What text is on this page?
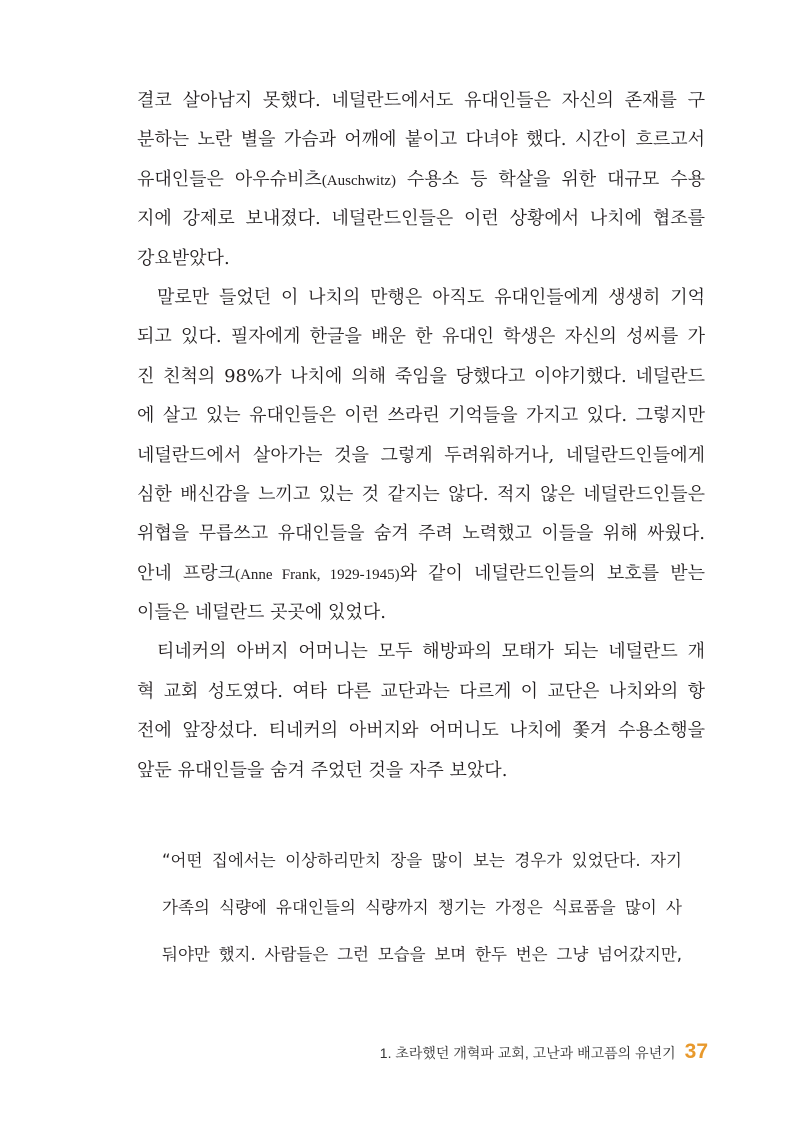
결코 살아남지 못했다. 네덜란드에서도 유대인들은 자신의 존재를 구
분하는 노란 별을 가슴과 어깨에 붙이고 다녀야 했다. 시간이 흐르고서
유대인들은 아우슈비츠(Auschwitz) 수용소 등 학살을 위한 대규모 수용
지에 강제로 보내졌다. 네덜란드인들은 이런 상황에서 나치에 협조를
강요받았다.
말로만 들었던 이 나치의 만행은 아직도 유대인들에게 생생히 기억
되고 있다. 필자에게 한글을 배운 한 유대인 학생은 자신의 성씨를 가
진 친척의 98%가 나치에 의해 죽임을 당했다고 이야기했다. 네덜란드
에 살고 있는 유대인들은 이런 쓰라린 기억들을 가지고 있다. 그렇지만
네덜란드에서 살아가는 것을 그렇게 두려워하거나, 네덜란드인들에게
심한 배신감을 느끼고 있는 것 같지는 않다. 적지 않은 네덜란드인들은
위협을 무릅쓰고 유대인들을 숨겨 주려 노력했고 이들을 위해 싸웠다.
안네 프랑크(Anne Frank, 1929-1945)와 같이 네덜란드인들의 보호를 받는
이들은 네덜란드 곳곳에 있었다.
티네커의 아버지 어머니는 모두 해방파의 모태가 되는 네덜란드 개
혁 교회 성도였다. 여타 다른 교단과는 다르게 이 교단은 나치와의 항
전에 앞장섰다. 티네커의 아버지와 어머니도 나치에 쫓겨 수용소행을
앞둔 유대인들을 숨겨 주었던 것을 자주 보았다.
“어떤 집에서는 이상하리만치 장을 많이 보는 경우가 있었단다. 자기
가족의 식량에 유대인들의 식량까지 챙기는 가정은 식료품을 많이 사
둬야만 했지. 사람들은 그런 모습을 보며 한두 번은 그냥 넘어갔지만,
1. 초라했던 개혁파 교회, 고난과 배고픔의 유년기 37
